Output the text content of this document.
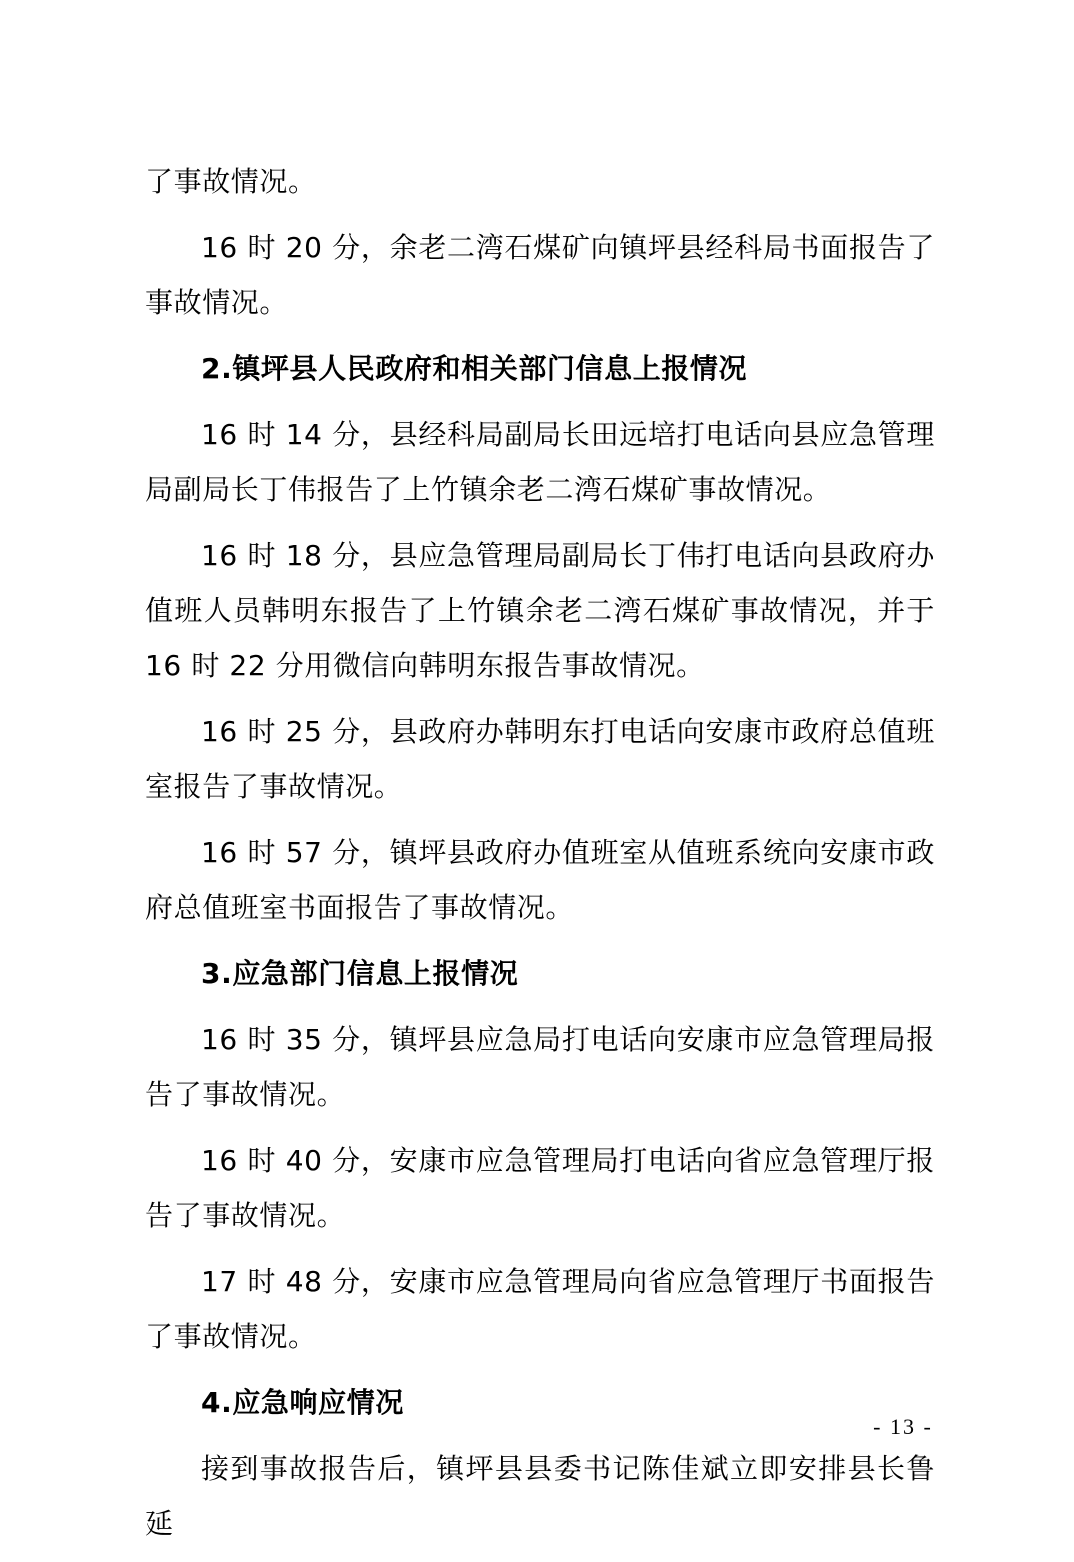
了事故情况。

16 时 20 分，余老二湾石煤矿向镇坪县经科局书面报告了事故情况。

2.镇坪县人民政府和相关部门信息上报情况

16 时 14 分，县经科局副局长田远培打电话向县应急管理局副局长丁伟报告了上竹镇余老二湾石煤矿事故情况。

16 时 18 分，县应急管理局副局长丁伟打电话向县政府办值班人员韩明东报告了上竹镇余老二湾石煤矿事故情况，并于 16 时 22 分用微信向韩明东报告事故情况。

16 时 25 分，县政府办韩明东打电话向安康市政府总值班室报告了事故情况。

16 时 57 分，镇坪县政府办值班室从值班系统向安康市政府总值班室书面报告了事故情况。

3.应急部门信息上报情况

16 时 35 分，镇坪县应急局打电话向安康市应急管理局报告了事故情况。

16 时 40 分，安康市应急管理局打电话向省应急管理厅报告了事故情况。

17 时 48 分，安康市应急管理局向省应急管理厅书面报告了事故情况。

4.应急响应情况

接到事故报告后，镇坪县县委书记陈佳斌立即安排县长鲁延

- 13 -
